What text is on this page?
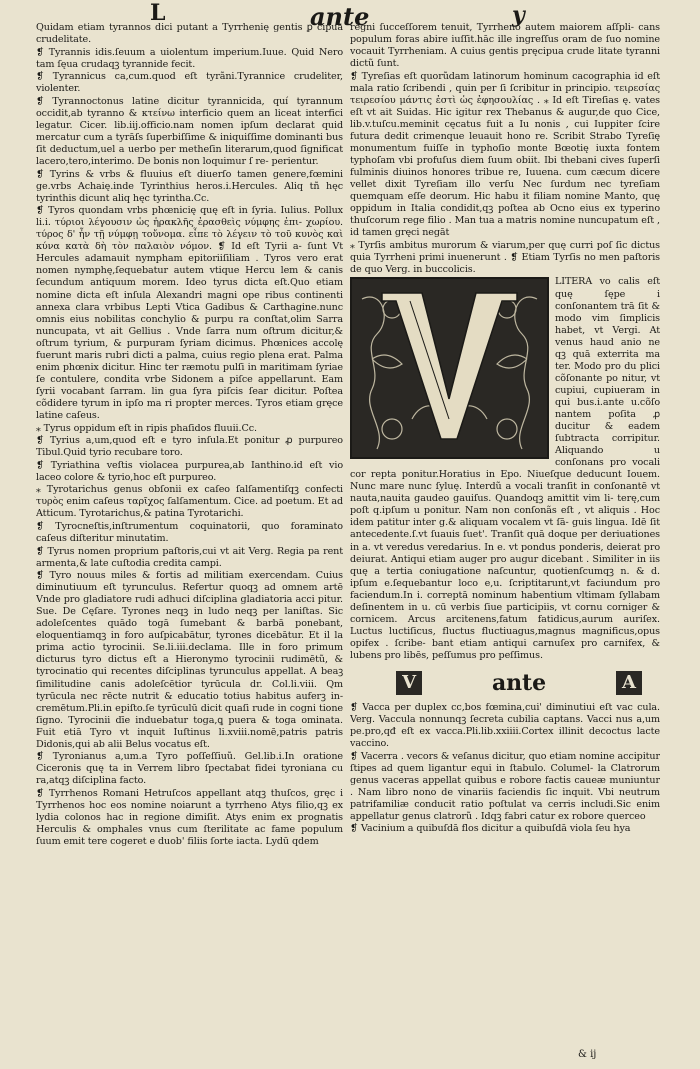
L	ante	y

Quidam etiam tyrannos dici putant a Tyrrhenię gentis ꝑ cipua crudelitate.

❡ Tyrannis idis.ſeuum a uiolentum imperium.Iuue. Quid Nero tam ſęua crudaqꝫ tyrannide fecit.

❡ Tyrannicus ca,cum.quod eſt tyrãni.Tyrannice crudeliter, violenter.

❡ Tyrannoctonus latine dicitur tyrannicida, quí tyrannum occidit,ab tyranno & κτείνω interficio quem an liceat interfici legatur. Cicer. lib.iij.officio.nam nomen ipſum declarat quid mercatur cum a tyrāſs ſuperbiſſime & iniquiſſime dominanti bus ſit deductum,uel a uerbo per metheſin literarum,quod ſignificat lacero,tero,interimo. De bonis non loquimur ſ re- perientur.

❡ Tyrins & vrbs & fluuius eſt diuerſo tamen genere,fœmini ge.vrbs Achaię.inde Tyrinthius heros.i.Hercules. Aliq tñ hęc tyrinthis dicunt aliq hęc tyrintha.Cc.

❡ Tyros quondam vrbs phœnicię quę eſt in ſyria. Iulius. Pollux li.i. τύριοι λέγουσιν ὡς ἡρακλῆς ἐρασθεὶς νύμφης ἐπι- χωρίου. τύρος δ' ἦν τῇ νύμφῃ τοὔνομα. εἶπε τὸ λέγειν τὸ τοῦ κυνὸς καὶ κύνα κατὰ δὴ τὸν παλαιὸν νόμον. ❡ Id eſt Tyrii a- ſunt Vt Hercules adamauit nympham epitoriiſiliam . Tyros vero erat nomen nymphę,ſequebatur autem vtique Hercu lem & canis ſecundum antiquum morem. Ideo tyrus dicta eſt.Quo etiam nomine dicta eſt inſula Alexandri magni ope ribus continenti annexa clara vrbibus Lepti Vtica Gadibus & Carthagine.nunc omnis eius nobilitas conchylio & purpu ra conſtat,olim Sarra nuncupata, vt ait Gellius . Vnde ſarra num oſtrum dicitur,& oſtrum tyrium, & purpuram ſyriam dicimus. Phœnices accolę fuerunt maris rubri dicti a palma, cuius regio plena erat. Palma enim phœnix dicitur. Hinc ter ræmotu pulſi in maritimam ſyriae ſe contulere, condita vrbe Sidonem a piſce appellarunt. Eam ſyrii vocabant ſarram. lin gua ſyra piſcis ſear dicitur. Poſtea cõdidere tyrum in ipſo ma ri propter merces. Tyros etiam gręce latine caſeus.

⁎ Tyrus oppidum eſt in ripis phaſidos fluuii.Cc.

❡ Tyrius a,um,quod eſt e tyro inſula.Et ponitur ꝓ purpureo Tibul.Quid tyrio recubare toro.

❡ Tyriathina veſtis violacea purpurea,ab Ianthino.id eſt vio laceo colore & tyrio,hoc eſt purpureo.

⁎ Tyrotarichus genus obſonii ex caſeo ſalſamentiſqꝫ confecti τυρὸς enim caſeus ταρῖχος ſalſamentum. Cice. ad poetum. Et ad Atticum. Tyrotarichus,& patina Tyrotarichi.

❡ Tyrocneſtis,inſtrumentum coquinatorii, quo foraminato caſeus diſteritur minutatim.

❡ Tyrus nomen proprium paſtoris,cui vt ait Verg. Regia pa rent armenta,& late cuſtodia credita campi.

❡ Tyro nouus miles & fortis ad militiam exercendam. Cuius diminutiuum eſt tyrunculus. Refertur quoqꝫ ad omnem artē Vnde pro gladiatore rudi adhuci diſciplina gladiatoria acci pitur. Sue. De Cęſare. Tyrones neqꝫ in ludo neqꝫ per laniſtas. Sic adoleſcentes quādo togā ſumebant & barbā ponebant, eloquentiamqꝫ in foro auſpicabātur, tyrones dicebātur. Et il la prima actio tyrocinii. Se.li.iii.declama. Ille in foro primum dicturus tyro dictus eſt a Hieronymo tyrocinii rudimētũ, & tyrocinatio qui recentes diſciplinas tyrunculus appellat. A beaꝫ ſimilitudine canis adoleſcētior tyrūcula dr. Col.li.viii. Qm tyrūcula nec rēcte nutrit & educatio totius habitus auferꝫ in- cremētum.Pli.in epiſto.ſe tyrūculū dicit quaſi rude in cogni tione ſigno. Tyrocinii dīe induebatur toga,ꝗ puera & toga ominata. Fuit etiā Tyro vt inquit Iuſtinus li.xviii.nomē,patris patris Didonis,qui ab alii Belus vocatus eſt.

❡ Tyronianus a,um.a Tyro poſſeſſiuũ. Gel.lib.i.In oratione Ciceronis quę ta in Verrem libro ſpectabat fidei tyroniana cu ra,atqꝫ diſciplina facto.

❡ Tyrrhenos Romani Hetruſcos appellant atqꝫ thuſcos, gręc i Tyrrhenos hoc eos nomine noiarunt a tyrrheno Atys filio,qꝫ ex lydia colonos hac in regione dimiſit. Atys enim ex prognatis Herculis & omphales vnus cum ſterilitate ac fame populum ſuum emit tere cogeret e duob' filiis ſorte iacta. Lydū qdem

regni ſucceſſorem tenuit, Tyrrheno autem maiorem aſſpli- cans populum foras abire iuſſit.hāc ille ingreſſus oram de ſuo nomine vocauit Tyrrheniam. A cuius gentis pręcipua crude litate tyranni dictũ ſunt.

❡ Tyreſias eſt quorũdam latinorum hominum cacographia id eſt mala ratio ſcribendi , quin per ſi ſcribitur in principio. τειρεσίας τειρεσίου μάντις ἐστὶ ὡς ἐφησουλίας . ⁎ Id eſt Tireſias ę. vates eſt vt ait Suidas. Hic igitur rex Thebanus & augur,de quo Cice, lib.v.tuſcu.meminit cęcatus fuit a Iu nonis , cui Iuppiter ſcire futura dedit crimenque leuauit hono re. Scribit Strabo Tyreſię monumentum fuiſſe in typhoſio monte Bœotię iuxta fontem typhoſam vbi profuſus diem ſuum obiit. Ibi thebani cives ſuperſi fulminis diuinos honores tribue re, Iuuena. cum cæcum dicere vellet dixit Tyreſiam illo verſu Nec ſurdum nec tyreſiam quemquam eſſe deorum. Hic habu it filiam nomine Manto, quę oppidum in Italia condidit,qꝫ poſtea ab Ocno eius ex typerino thuſcorum rege filio . Man tua a matris nomine nuncupatum eſt , id tamen gręci negāt

⁎ Tyrſis ambitus murorum & viarum,per quę curri poſ ſic dictus quia Tyrrheni primi inuenerunt . ❡ Etiam Tyrſis no men paſtoris de quo Verg. in buccolicis.

LITERA vo calis eſt quę ſępe i conſonantem trā ſit & modo vim ſimplicis habet, vt Vergi. At venus haud anio ne qꝫ quā exterrita ma ter. Modo pro du plici cõſonante po nitur, vt cupiui, cupiueram in qui bus.i.ante u.cõſo nantem poſita ꝓ ducitur & eadem ſubtracta corripitur. Aliquando u conſonans pro vocali cor repta ponitur.Horatius in Epo. Niueſque deducunt Iouem. Nunc mare nunc ſyluę. Interdũ a vocali tranſit in conſonantē vt nauta,nauita gaudeo gauiſus. Quandoqꝫ amittit vim li- terę,cum poſt q.ipſum u ponitur. Nam non conſonãs eſt , vt aliquis . Hoc idem patitur inter g.& aliquam vocalem vt ſā- guis lingua. Idē ſit antecedente.ſ.vt ſuauis ſuet'. Tranſit quā doque per deriuationes in a. vt veredus veredarius. In e. vt pondus ponderis, deierat pro deiurat. Antiqui etiam auger pro augur dicebant . Similiter in iis quę a tertia coniugatione naſcuntur, quotienſcumqꝫ n. & d. ipſum e.ſequebantur loco e,u. ſcriptitarunt,vt faciundum pro faciendum.In i. correptā nominum habentium vltimam ſyllabam deſinentem in u. cū verbis ſiue participiis, vt cornu corniger & cornicem. Arcus arcitenens,fatum fatidicus,aurum auriſex. Luctus luctiſicus, fluctus fluctiuagus,magnus magnificus,opus opifex . ſcribe- bant etiam antiqui carnuſex pro carnifex, & lubens pro libēs, peſſumus pro peſſimus.

V	ante	A

❡ Vacca per duplex cc,bos fœmina,cui' diminutiui eſt vac cula. Verg. Vaccula nonnunqꝫ ſecreta cubilia captans. Vacci nus a,um pe.pro,qđ eſt ex vacca.Pli.lib.xxiiii.Cortex illinit decoctus lacte vaccino.

❡ Vacerra . vecors & veſanus dicitur, quo etiam nomine accipitur ſtipes ad quem ligantur equi in ſtabulo. Columel- la Clatrorum genus vaceras appellat quibus e robore factis caueæ muniuntur . Nam libro nono de vinariis faciendis ſic inquit. Vbi neutrum patrifamiliæ conducit ratio poſtulat va cerris includi.Sic enim appellatur genus clatrorũ . Idqꝫ fabri catur ex robore querceo

❡ Vacinium a quibuſdā flos dicitur a quibuſdā viola ſeu hya

& ij
